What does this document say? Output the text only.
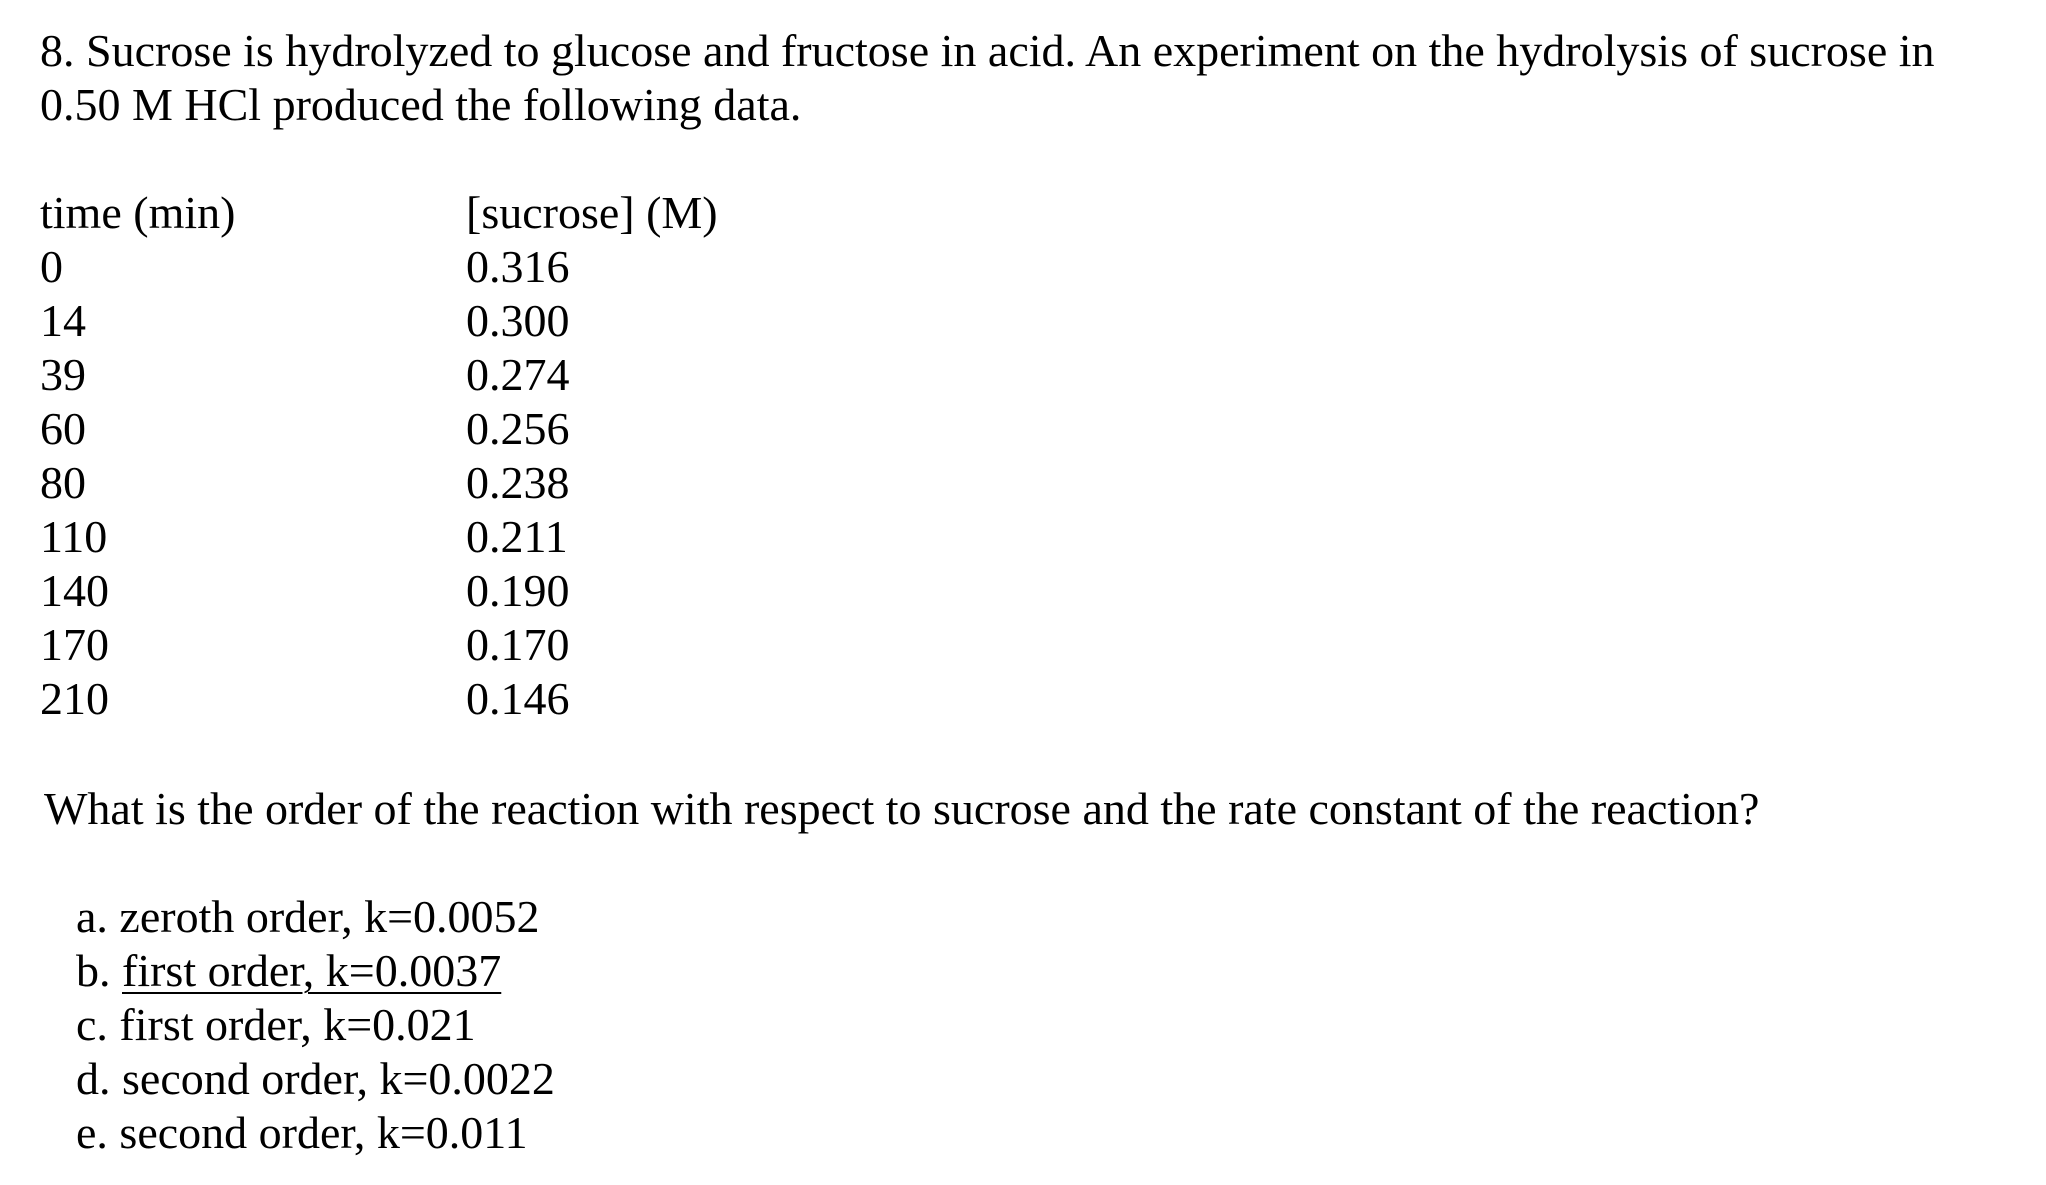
8. Sucrose is hydrolyzed to glucose and fructose in acid. An experiment on the hydrolysis of sucrose in 0.50 M HCl produced the following data.

time (min)	[sucrose] (M)
0	0.316
14	0.300
39	0.274
60	0.256
80	0.238
110	0.211
140	0.190
170	0.170
210	0.146

What is the order of the reaction with respect to sucrose and the rate constant of the reaction?

a. zeroth order, k=0.0052
b. first order, k=0.0037
c. first order, k=0.021
d. second order, k=0.0022
e. second order, k=0.011
